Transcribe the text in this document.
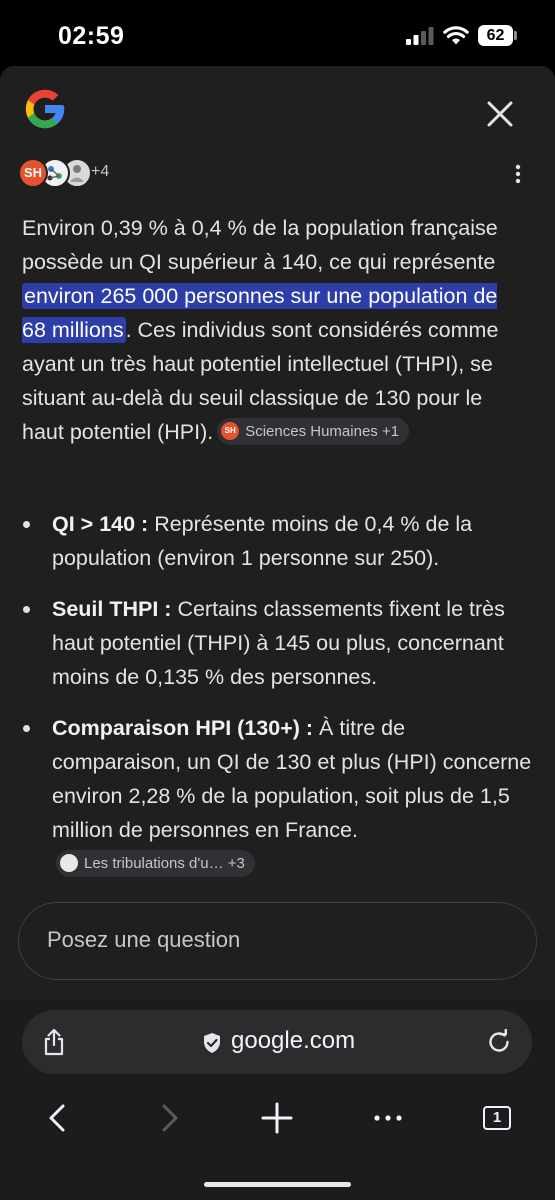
02:59	62
SH	+4
Environ 0,39 % à 0,4 % de la population française possède un QI supérieur à 140, ce qui représente environ 265 000 personnes sur une population de 68 millions. Ces individus sont considérés comme ayant un très haut potentiel intellectuel (THPI), se situant au-delà du seuil classique de 130 pour le haut potentiel (HPI). SH Sciences Humaines +1
QI > 140 : Représente moins de 0,4 % de la population (environ 1 personne sur 250).
Seuil THPI : Certains classements fixent le très haut potentiel (THPI) à 145 ou plus, concernant moins de 0,135 % des personnes.
Comparaison HPI (130+) : À titre de comparaison, un QI de 130 et plus (HPI) concerne environ 2,28 % de la population, soit plus de 1,5 million de personnes en France.Les tribulations d'u… +3
Posez une question
google.com
1
